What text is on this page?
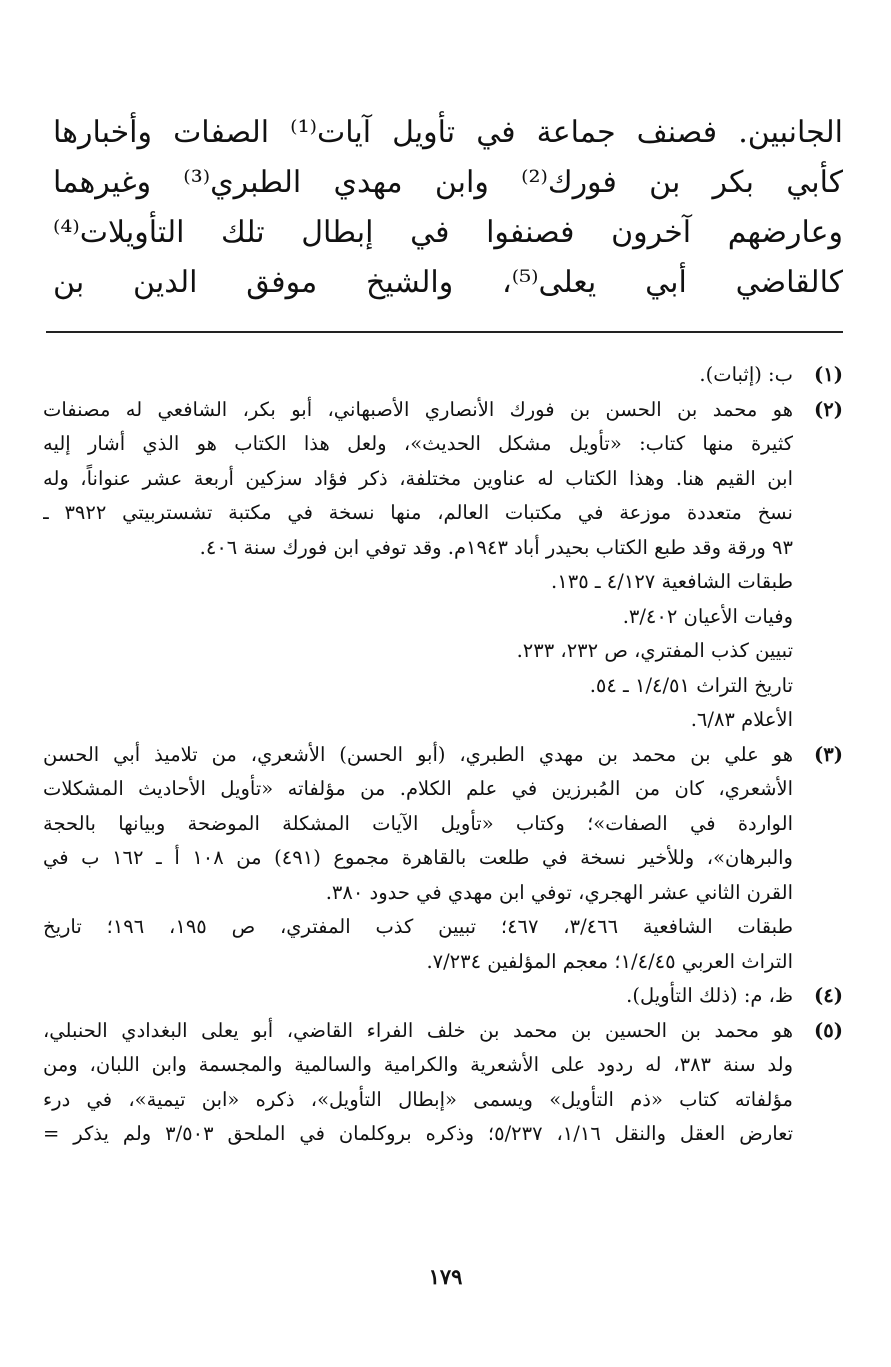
الجانبين. فصنف جماعة في تأويل آيات⁽¹⁾ الصفات وأخبارها
كأبي بكر بن فورك⁽²⁾ وابن مهدي الطبري⁽³⁾ وغيرهما
وعارضهم آخرون فصنفوا في إبطال تلك التأويلات⁽⁴⁾
كالقاضي أبي يعلى⁽⁵⁾، والشيخ موفق الدين بن
(١)
ب: (إثبات).
(٢)
هو محمد بن الحسن بن فورك الأنصاري الأصبهاني، أبو بكر، الشافعي له مصنفات
كثيرة منها كتاب: «تأويل مشكل الحديث»، ولعل هذا الكتاب هو الذي أشار إليه
ابن القيم هنا. وهذا الكتاب له عناوين مختلفة، ذكر فؤاد سزكين أربعة عشر عنواناً، وله
نسخ متعددة موزعة في مكتبات العالم، منها نسخة في مكتبة تشستربيتي ٣٩٢٢ ـ
٩٣ ورقة وقد طبع الكتاب بحيدر أباد ١٩٤٣م. وقد توفي ابن فورك سنة ٤٠٦.
طبقات الشافعية ٤/١٢٧ ـ ١٣٥.
وفيات الأعيان ٣/٤٠٢.
تبيين كذب المفتري، ص ٢٣٢، ٢٣٣.
تاريخ التراث ١/٤/٥١ ـ ٥٤.
الأعلام ٦/٨٣.
(٣)
هو علي بن محمد بن مهدي الطبري، (أبو الحسن) الأشعري، من تلاميذ أبي الحسن
الأشعري، كان من المُبرزين في علم الكلام. من مؤلفاته «تأويل الأحاديث المشكلات
الواردة في الصفات»؛ وكتاب «تأويل الآيات المشكلة الموضحة وبيانها بالحجة
والبرهان»، وللأخير نسخة في طلعت بالقاهرة مجموع (٤٩١) من ١٠٨ أ ـ ١٦٢ ب في
القرن الثاني عشر الهجري، توفي ابن مهدي في حدود ٣٨٠.
طبقات الشافعية ٣/٤٦٦، ٤٦٧؛ تبيين كذب المفتري، ص ١٩٥، ١٩٦؛ تاريخ
التراث العربي ١/٤/٤٥؛ معجم المؤلفين ٧/٢٣٤.
(٤)
ظ، م: (ذلك التأويل).
(٥)
هو محمد بن الحسين بن محمد بن خلف الفراء القاضي، أبو يعلى البغدادي الحنبلي،
ولد سنة ٣٨٣، له ردود على الأشعرية والكرامية والسالمية والمجسمة وابن اللبان، ومن
مؤلفاته كتاب «ذم التأويل» ويسمى «إبطال التأويل»، ذكره «ابن تيمية»، في درء
تعارض العقل والنقل ١/١٦، ٥/٢٣٧؛ وذكره بروكلمان في الملحق ٣/٥٠٣ ولم يذكر =
١٧٩
